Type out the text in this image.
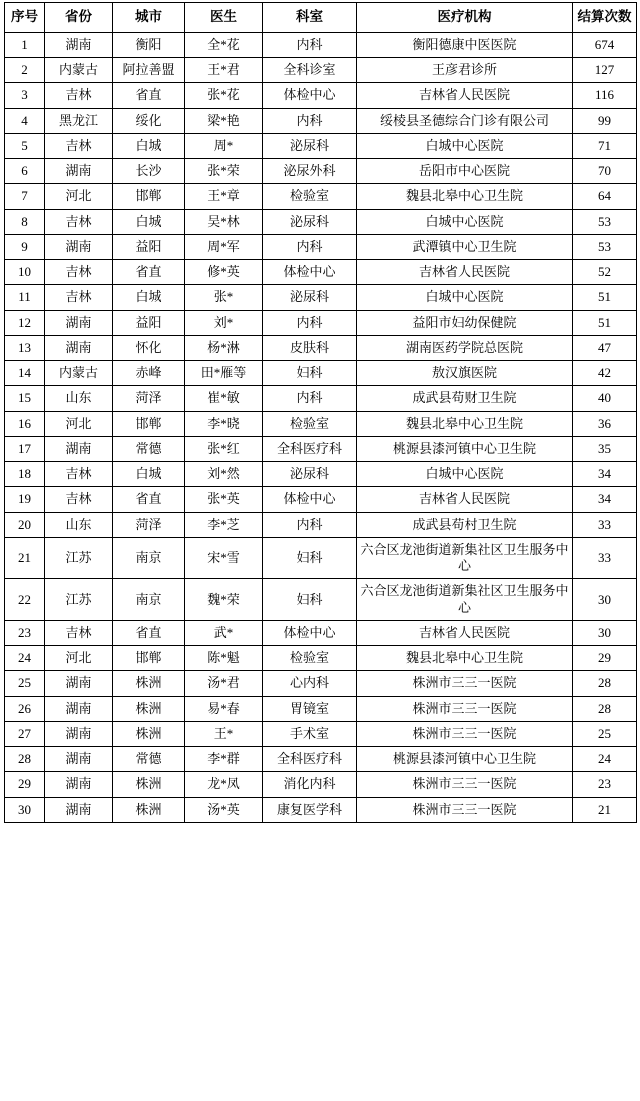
序号	省份	城市	医生	科室	医疗机构	结算次数
1	湖南	衡阳	全*花	内科	衡阳德康中医医院	674
2	内蒙古	阿拉善盟	王*君	全科诊室	王彦君诊所	127
3	吉林	省直	张*花	体检中心	吉林省人民医院	116
4	黑龙江	绥化	梁*艳	内科	绥棱县圣德综合门诊有限公司	99
5	吉林	白城	周*	泌尿科	白城中心医院	71
6	湖南	长沙	张*荣	泌尿外科	岳阳市中心医院	70
7	河北	邯郸	王*章	检验室	魏县北皋中心卫生院	64
8	吉林	白城	吴*林	泌尿科	白城中心医院	53
9	湖南	益阳	周*军	内科	武潭镇中心卫生院	53
10	吉林	省直	修*英	体检中心	吉林省人民医院	52
11	吉林	白城	张*	泌尿科	白城中心医院	51
12	湖南	益阳	刘*	内科	益阳市妇幼保健院	51
13	湖南	怀化	杨*淋	皮肤科	湖南医药学院总医院	47
14	内蒙古	赤峰	田*雁等	妇科	敖汉旗医院	42
15	山东	菏泽	崔*敏	内科	成武县苟财卫生院	40
16	河北	邯郸	李*晓	检验室	魏县北皋中心卫生院	36
17	湖南	常德	张*红	全科医疗科	桃源县漆河镇中心卫生院	35
18	吉林	白城	刘*然	泌尿科	白城中心医院	34
19	吉林	省直	张*英	体检中心	吉林省人民医院	34
20	山东	菏泽	李*芝	内科	成武县苟村卫生院	33
21	江苏	南京	宋*雪	妇科	六合区龙池街道新集社区卫生服务中心	33
22	江苏	南京	魏*荣	妇科	六合区龙池街道新集社区卫生服务中心	30
23	吉林	省直	武*	体检中心	吉林省人民医院	30
24	河北	邯郸	陈*魁	检验室	魏县北皋中心卫生院	29
25	湖南	株洲	汤*君	心内科	株洲市三三一医院	28
26	湖南	株洲	易*春	胃镜室	株洲市三三一医院	28
27	湖南	株洲	王*	手术室	株洲市三三一医院	25
28	湖南	常德	李*群	全科医疗科	桃源县漆河镇中心卫生院	24
29	湖南	株洲	龙*凤	消化内科	株洲市三三一医院	23
30	湖南	株洲	汤*英	康复医学科	株洲市三三一医院	21
